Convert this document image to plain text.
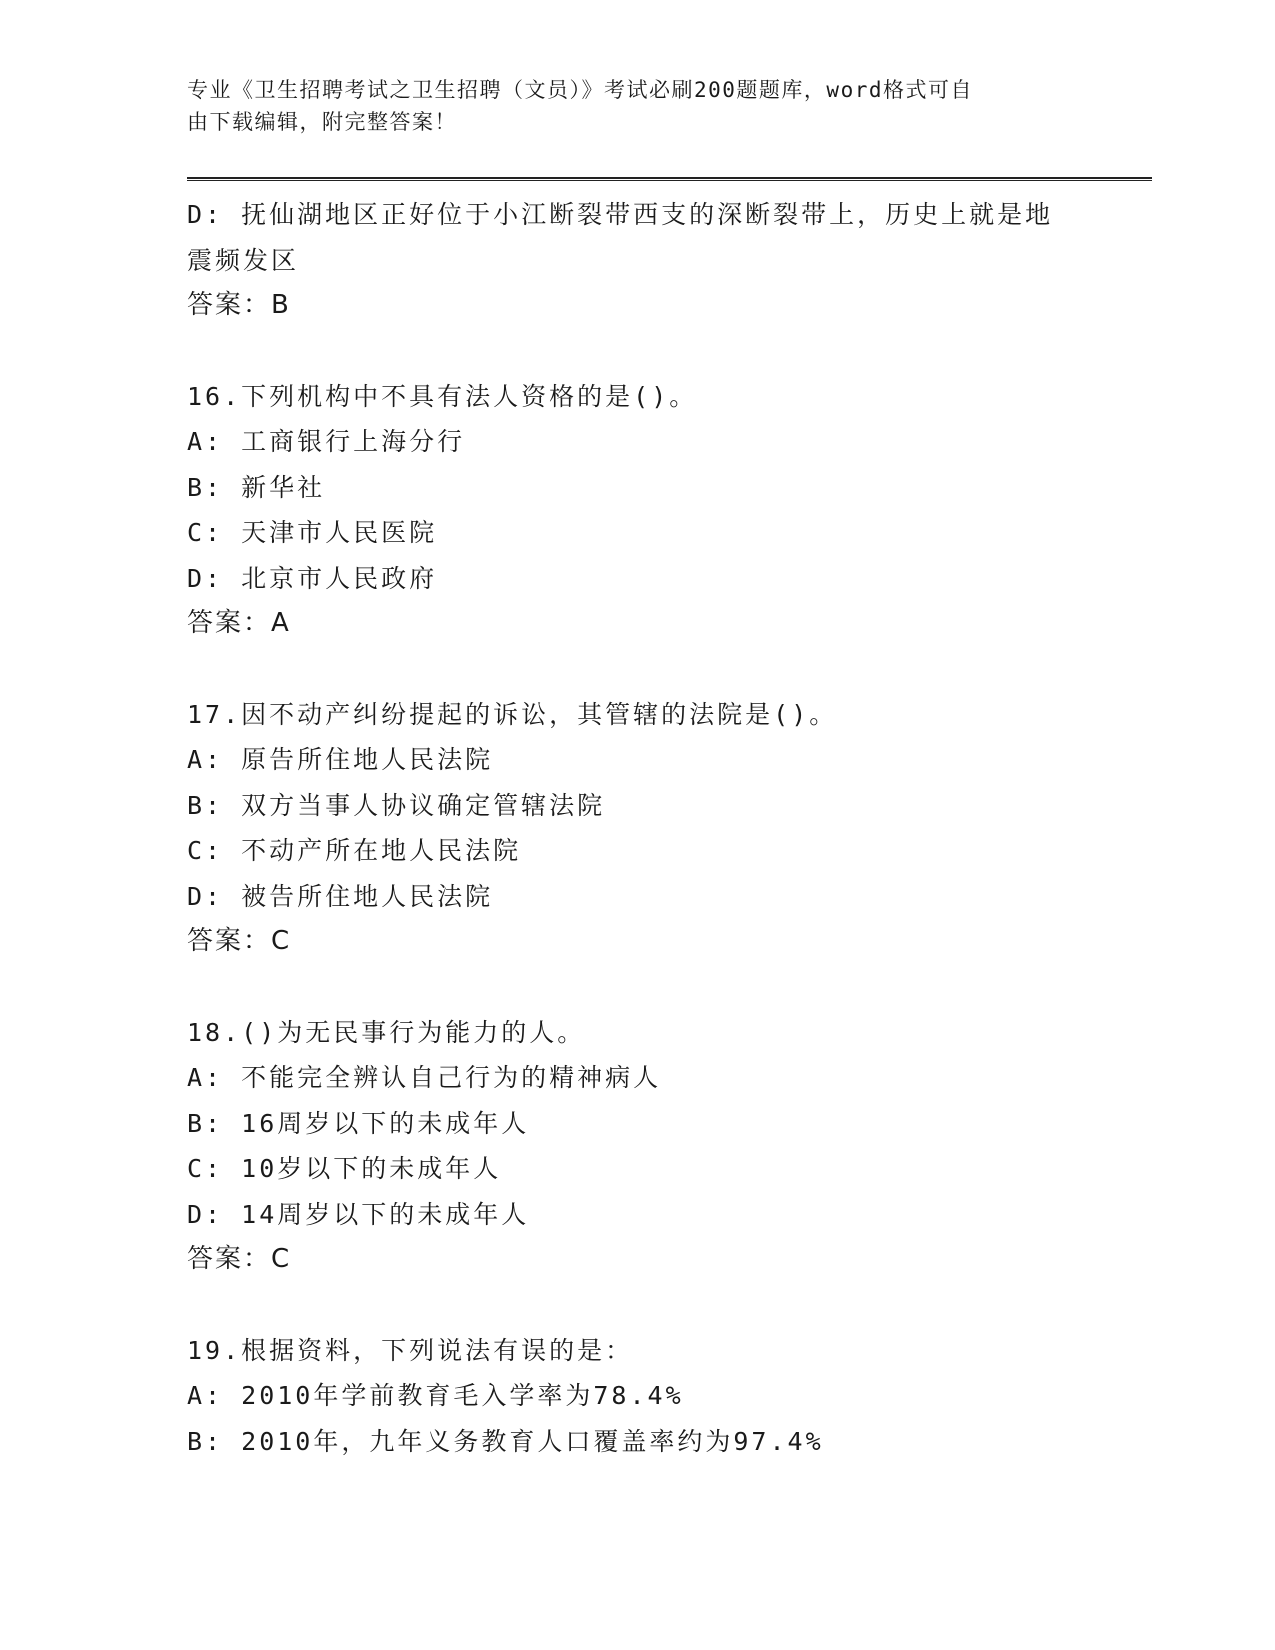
专业《卫生招聘考试之卫生招聘（文员）》考试必刷200题题库，word格式可自
由下载编辑，附完整答案！
D: 抚仙湖地区正好位于小江断裂带西支的深断裂带上，历史上就是地
震频发区
答案：B
16.下列机构中不具有法人资格的是()。
A: 工商银行上海分行
B: 新华社
C: 天津市人民医院
D: 北京市人民政府
答案：A
17.因不动产纠纷提起的诉讼，其管辖的法院是()。
A: 原告所住地人民法院
B: 双方当事人协议确定管辖法院
C: 不动产所在地人民法院
D: 被告所住地人民法院
答案：C
18.()为无民事行为能力的人。
A: 不能完全辨认自己行为的精神病人
B: 16周岁以下的未成年人
C: 10岁以下的未成年人
D: 14周岁以下的未成年人
答案：C
19.根据资料，下列说法有误的是：
A: 2010年学前教育毛入学率为78.4%
B: 2010年，九年义务教育人口覆盖率约为97.4%
